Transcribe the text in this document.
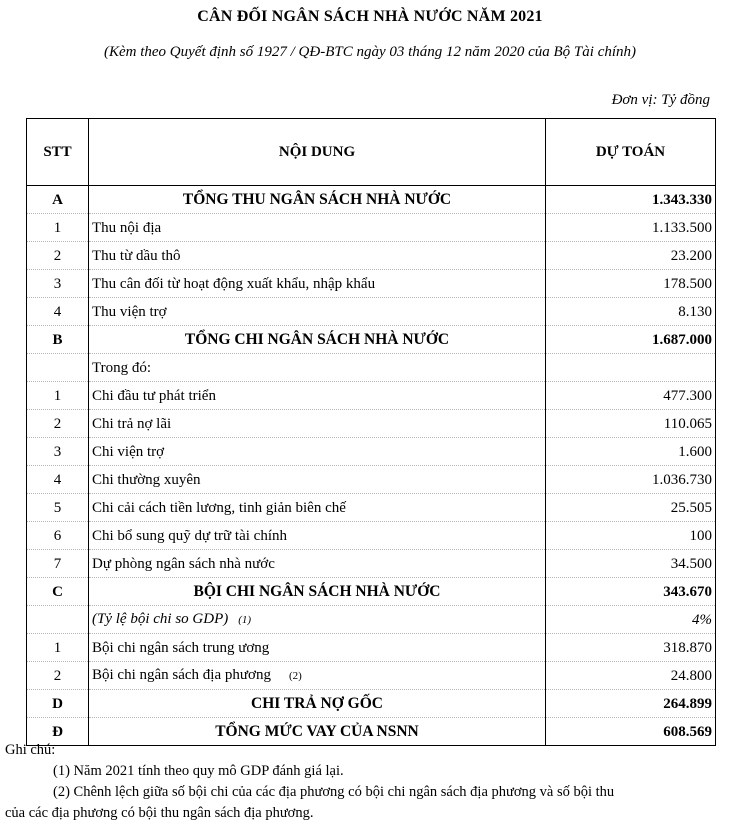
CÂN ĐỐI NGÂN SÁCH NHÀ NƯỚC NĂM 2021
(Kèm theo Quyết định số 1927 / QĐ-BTC ngày 03 tháng 12 năm 2020 của Bộ Tài chính)
Đơn vị: Tỷ đồng
STT	NỘI DUNG	DỰ TOÁN
A	TỔNG THU NGÂN SÁCH NHÀ NƯỚC	1.343.330
1	Thu nội địa	1.133.500
2	Thu từ dầu thô	23.200
3	Thu cân đối từ hoạt động xuất khẩu, nhập khẩu	178.500
4	Thu viện trợ	8.130
B	TỔNG CHI NGÂN SÁCH NHÀ NƯỚC	1.687.000
	Trong đó:	
1	Chi đầu tư phát triển	477.300
2	Chi trả nợ lãi	110.065
3	Chi viện trợ	1.600
4	Chi thường xuyên	1.036.730
5	Chi cải cách tiền lương, tinh giản biên chế	25.505
6	Chi bổ sung quỹ dự trữ tài chính	100
7	Dự phòng ngân sách nhà nước	34.500
C	BỘI CHI NGÂN SÁCH NHÀ NƯỚC	343.670
	(Tỷ lệ bội chi so GDP) (1)	4%
1	Bội chi ngân sách trung ương	318.870
2	Bội chi ngân sách địa phương (2)	24.800
D	CHI TRẢ NỢ GỐC	264.899
Đ	TỔNG MỨC VAY CỦA NSNN	608.569
Ghi chú:
(1) Năm 2021 tính theo quy mô GDP đánh giá lại.
(2) Chênh lệch giữa số bội chi của các địa phương có bội chi ngân sách địa phương và số bội thu
của các địa phương có bội thu ngân sách địa phương.
